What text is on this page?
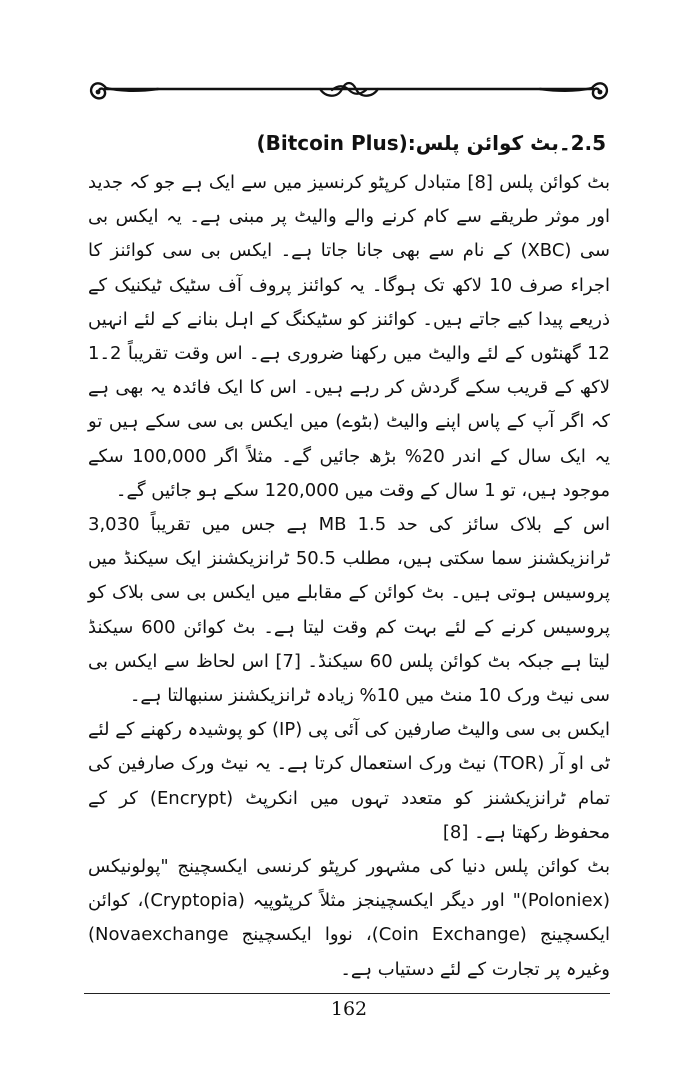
2.5۔بٹ کوائن پلس:(Bitcoin Plus)

بٹ کوائن پلس [8] متبادل کرپٹو کرنسیز میں سے ایک ہے جو کہ جدید اور موثر طریقے سے کام کرنے والے والیٹ پر مبنی ہے۔ یہ ایکس بی سی (XBC) کے نام سے بھی جانا جاتا ہے۔ ایکس بی سی کوائنز کا اجراء صرف 10 لاکھ تک ہوگا۔ یہ کوائنز پروف آف سٹیک ٹیکنیک کے ذریعے پیدا کیے جاتے ہیں۔ کوائنز کو سٹیکنگ کے اہل بنانے کے لئے انہیں 12 گھنٹوں کے لئے والیٹ میں رکھنا ضروری ہے۔ اس وقت تقریباً 2۔1 لاکھ کے قریب سکے گردش کر رہے ہیں۔ اس کا ایک فائدہ یہ بھی ہے کہ اگر آپ کے پاس اپنے والیٹ (بٹوے) میں ایکس بی سی سکے ہیں تو یہ ایک سال کے اندر 20% بڑھ جائیں گے۔ مثلاً اگر 100,000 سکے موجود ہیں، تو 1 سال کے وقت میں 120,000 سکے ہو جائیں گے۔

اس کے بلاک سائز کی حد 1.5 MB ہے جس میں تقریباً 3,030 ٹرانزیکشنز سما سکتی ہیں، مطلب 50.5 ٹرانزیکشنز ایک سیکنڈ میں پروسیس ہوتی ہیں۔ بٹ کوائن کے مقابلے میں ایکس بی سی بلاک کو پروسیس کرنے کے لئے بہت کم وقت لیتا ہے۔ بٹ کوائن 600 سیکنڈ لیتا ہے جبکہ بٹ کوائن پلس 60 سیکنڈ۔ [7] اس لحاظ سے ایکس بی سی نیٹ ورک 10 منٹ میں 10% زیادہ ٹرانزیکشنز سنبھالتا ہے۔

ایکس بی سی والیٹ صارفین کی آئی پی (IP) کو پوشیدہ رکھنے کے لئے ٹی او آر (TOR) نیٹ ورک استعمال کرتا ہے۔ یہ نیٹ ورک صارفین کی تمام ٹرانزیکشنز کو متعدد تہوں میں انکرپٹ (Encrypt) کر کے محفوظ رکھتا ہے۔ [8]

بٹ کوائن پلس دنیا کی مشہور کرپٹو کرنسی ایکسچینج "پولونیکس (Poloniex)" اور دیگر ایکسچینجز مثلاً کرپٹوپیہ (Cryptopia)، کوائن ایکسچینج (Coin Exchange)، نووا ایکسچینج Novaexchange) وغیرہ پر تجارت کے لئے دستیاب ہے۔

162
